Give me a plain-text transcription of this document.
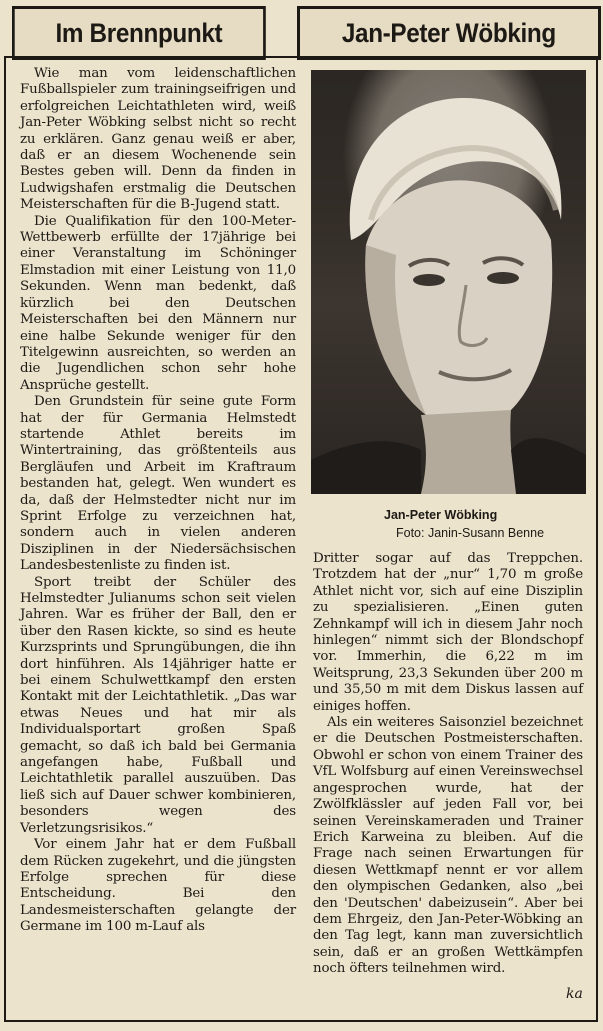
Im Brennpunkt	Jan-Peter Wöbking

Wie man vom leidenschaftlichen Fußballspieler zum trainingseifrigen und erfolgreichen Leichtathleten wird, weiß Jan-Peter Wöbking selbst nicht so recht zu erklären. Ganz genau weiß er aber, daß er an diesem Wochenende sein Bestes geben will. Denn da finden in Ludwigshafen erstmalig die Deutschen Meisterschaften für die B-Jugend statt.

Die Qualifikation für den 100-Meter-Wettbewerb erfüllte der 17jährige bei einer Veranstaltung im Schöninger Elmstadion mit einer Leistung von 11,0 Sekunden. Wenn man bedenkt, daß kürzlich bei den Deutschen Meisterschaften bei den Männern nur eine halbe Sekunde weniger für den Titelgewinn ausreichten, so werden an die Jugendlichen schon sehr hohe Ansprüche gestellt.

Den Grundstein für seine gute Form hat der für Germania Helmstedt startende Athlet bereits im Wintertraining, das größtenteils aus Bergläufen und Arbeit im Kraftraum bestanden hat, gelegt. Wen wundert es da, daß der Helmstedter nicht nur im Sprint Erfolge zu verzeichnen hat, sondern auch in vielen anderen Disziplinen in der Niedersächsischen Landesbestenliste zu finden ist.

Sport treibt der Schüler des Helmstedter Julianums schon seit vielen Jahren. War es früher der Ball, den er über den Rasen kickte, so sind es heute Kurzsprints und Sprungübungen, die ihn dort hinführen. Als 14jähriger hatte er bei einem Schulwettkampf den ersten Kontakt mit der Leichtathletik. „Das war etwas Neues und hat mir als Individualsportart großen Spaß gemacht, so daß ich bald bei Germania angefangen habe, Fußball und Leichtathletik parallel auszuüben. Das ließ sich auf Dauer schwer kombinieren, besonders wegen des Verletzungsrisikos.“

Vor einem Jahr hat er dem Fußball dem Rücken zugekehrt, und die jüngsten Erfolge sprechen für diese Entscheidung. Bei den Landesmeisterschaften gelangte der Germane im 100 m-Lauf als

Jan-Peter Wöbking
Foto: Janin-Susann Benne

Dritter sogar auf das Treppchen. Trotzdem hat der „nur“ 1,70 m große Athlet nicht vor, sich auf eine Disziplin zu spezialisieren. „Einen guten Zehnkampf will ich in diesem Jahr noch hinlegen“ nimmt sich der Blondschopf vor. Immerhin, die 6,22 m im Weitsprung, 23,3 Sekunden über 200 m und 35,50 m mit dem Diskus lassen auf einiges hoffen.

Als ein weiteres Saisonziel bezeichnet er die Deutschen Postmeisterschaften. Obwohl er schon von einem Trainer des VfL Wolfsburg auf einen Vereinswechsel angesprochen wurde, hat der Zwölfklässler auf jeden Fall vor, bei seinen Vereinskameraden und Trainer Erich Karweina zu bleiben. Auf die Frage nach seinen Erwartungen für diesen Wettkmapf nennt er vor allem den olympischen Gedanken, also „bei den 'Deutschen' dabeizusein“. Aber bei dem Ehrgeiz, den Jan-Peter-Wöbking an den Tag legt, kann man zuversichtlich sein, daß er an großen Wettkämpfen noch öfters teilnehmen wird.

ka
